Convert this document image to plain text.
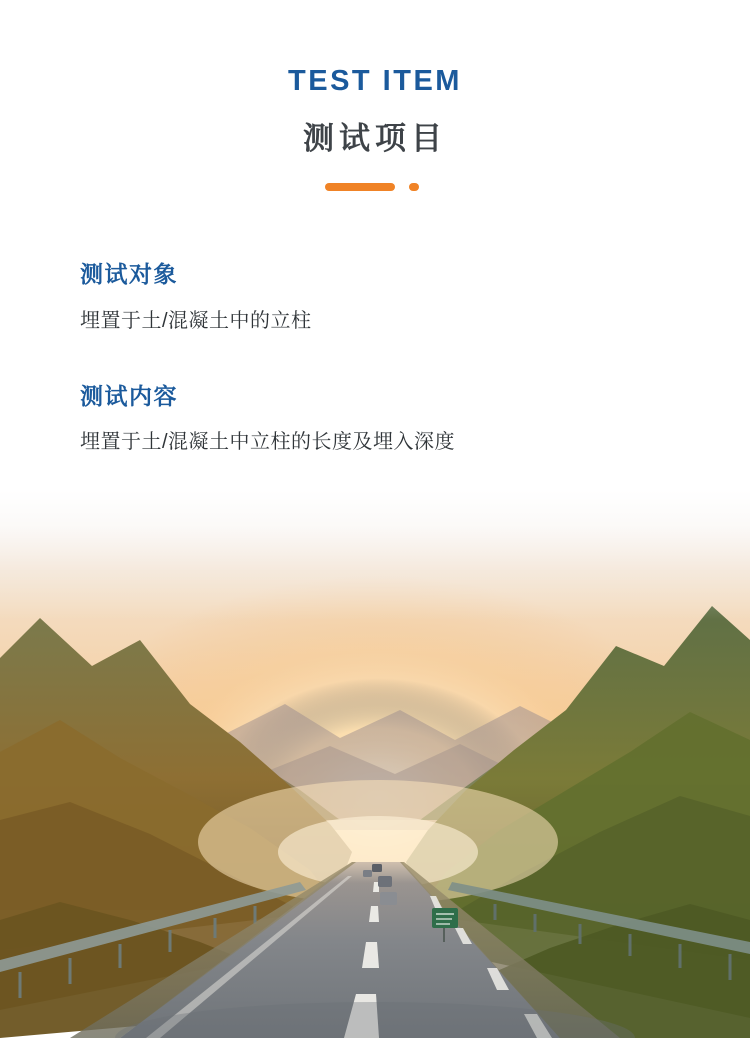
TEST ITEM
测试项目
测试对象
埋置于土/混凝土中的立柱
测试内容
埋置于土/混凝土中立柱的长度及埋入深度
